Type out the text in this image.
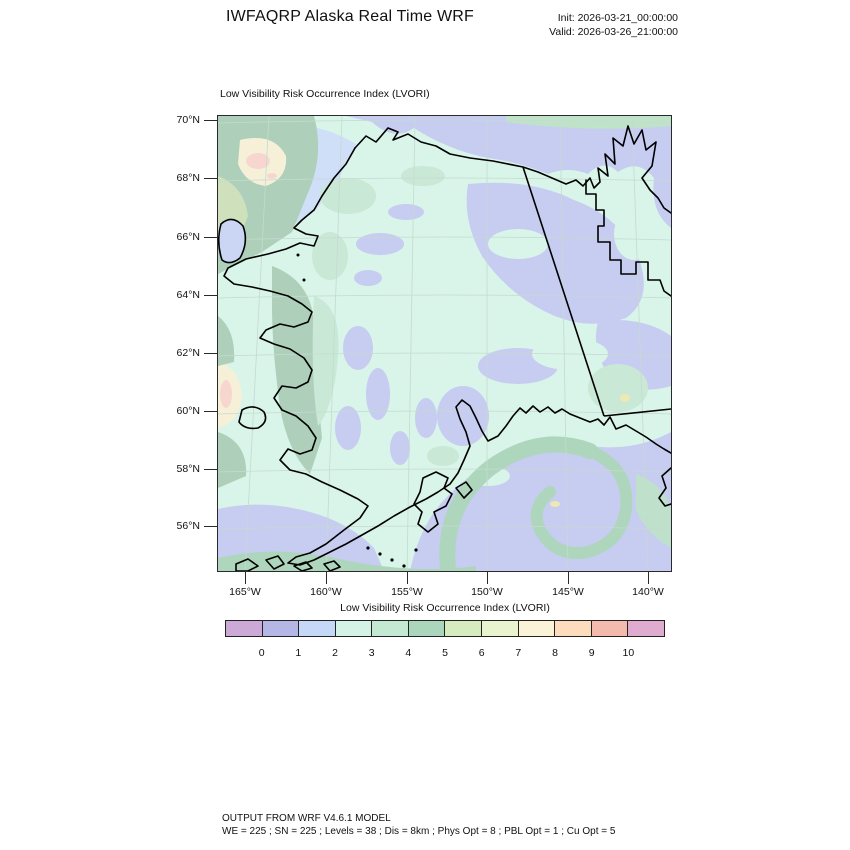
IWFAQRP Alaska Real Time WRF	Init: 2026-03-21_00:00:00
Valid: 2026-03-26_21:00:00
Low Visibility Risk Occurrence Index (LVORI)
Low Visibility Risk Occurrence Index (LVORI)
OUTPUT FROM WRF V4.6.1 MODEL
WE = 225 ; SN = 225 ; Levels = 38 ; Dis = 8km ; Phys Opt = 8 ; PBL Opt = 1 ; Cu Opt = 5
70°N
68°N
66°N
64°N
62°N
60°N
58°N
56°N
165°W	160°W	155°W	150°W	145°W	140°W
0	1	2	3	4	5	6	7	8	9	10
